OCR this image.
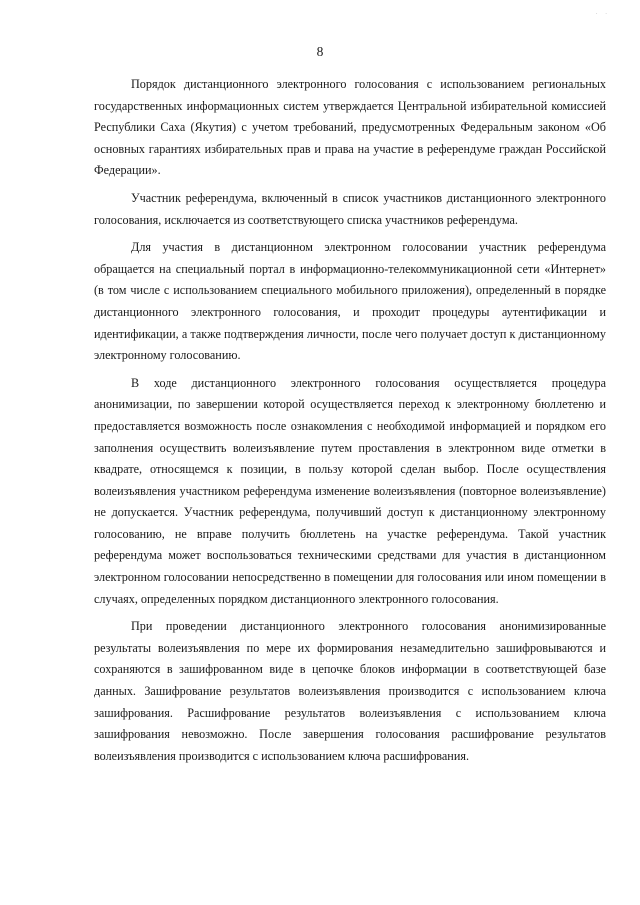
. .
8

Порядок дистанционного электронного голосования с использованием региональных государственных информационных систем утверждается Центральной избирательной комиссией Республики Саха (Якутия) с учетом требований, предусмотренных Федеральным законом «Об основных гарантиях избирательных прав и права на участие в референдуме граждан Российской Федерации».

Участник референдума, включенный в список участников дистанционного электронного голосования, исключается из соответствующего списка участников референдума.

Для участия в дистанционном электронном голосовании участник референдума обращается на специальный портал в информационно-телекоммуникационной сети «Интернет» (в том числе с использованием специального мобильного приложения), определенный в порядке дистанционного электронного голосования, и проходит процедуры аутентификации и идентификации, а также подтверждения личности, после чего получает доступ к дистанционному электронному голосованию.

В ходе дистанционного электронного голосования осуществляется процедура анонимизации, по завершении которой осуществляется переход к электронному бюллетеню и предоставляется возможность после ознакомления с необходимой информацией и порядком его заполнения осуществить волеизъявление путем проставления в электронном виде отметки в квадрате, относящемся к позиции, в пользу которой сделан выбор. После осуществления волеизъявления участником референдума изменение волеизъявления (повторное волеизъявление) не допускается. Участник референдума, получивший доступ к дистанционному электронному голосованию, не вправе получить бюллетень на участке референдума. Такой участник референдума может воспользоваться техническими средствами для участия в дистанционном электронном голосовании непосредственно в помещении для голосования или ином помещении в случаях, определенных порядком дистанционного электронного голосования.

При проведении дистанционного электронного голосования анонимизированные результаты волеизъявления по мере их формирования незамедлительно зашифровываются и сохраняются в зашифрованном виде в цепочке блоков информации в соответствующей базе данных. Зашифрование результатов волеизъявления производится с использованием ключа зашифрования. Расшифрование результатов волеизъявления с использованием ключа зашифрования невозможно. После завершения голосования расшифрование результатов волеизъявления производится с использованием ключа расшифрования.
